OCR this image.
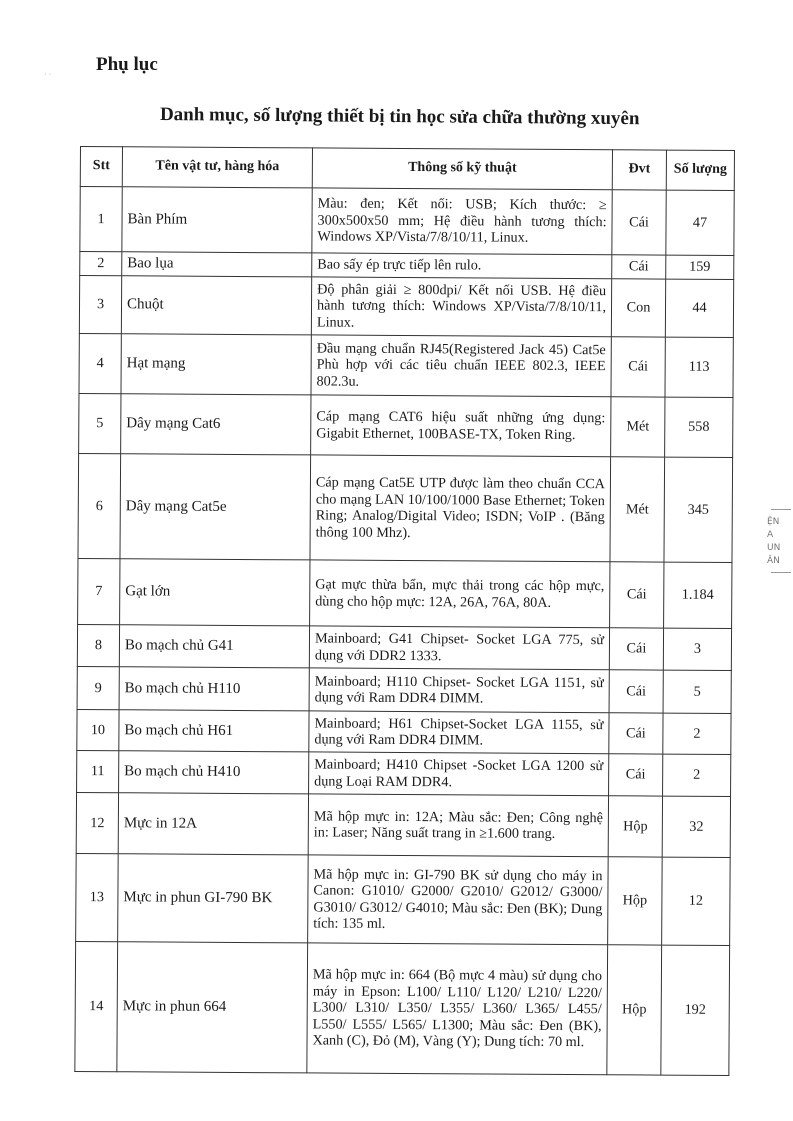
· · Phụ lục
Danh mục, số lượng thiết bị tin học sửa chữa thường xuyên
Stt	Tên vật tư, hàng hóa	Thông số kỹ thuật	Đvt	Số lượng
1	Bàn Phím	Màu: đen; Kết nối: USB; Kích thước: ≥ 300x500x50 mm; Hệ điều hành tương thích: Windows XP/Vista/7/8/10/11, Linux.	Cái	47
2	Bao lụa	Bao sấy ép trực tiếp lên rulo.	Cái	159
3	Chuột	Độ phân giải ≥ 800dpi/ Kết nối USB. Hệ điều hành tương thích: Windows XP/Vista/7/8/10/11, Linux.	Con	44
4	Hạt mạng	Đầu mạng chuẩn RJ45(Registered Jack 45) Cat5e Phù hợp với các tiêu chuẩn IEEE 802.3, IEEE 802.3u.	Cái	113
5	Dây mạng Cat6	Cáp mạng CAT6 hiệu suất những ứng dụng: Gigabit Ethernet, 100BASE-TX, Token Ring.	Mét	558
6	Dây mạng Cat5e	Cáp mạng Cat5E UTP được làm theo chuẩn CCA cho mạng LAN 10/100/1000 Base Ethernet; Token Ring; Analog/Digital Video; ISDN; VoIP . (Băng thông 100 Mhz).	Mét	345
7	Gạt lớn	Gạt mực thừa bẩn, mực thải trong các hộp mực, dùng cho hộp mực: 12A, 26A, 76A, 80A.	Cái	1.184
8	Bo mạch chủ G41	Mainboard; G41 Chipset- Socket LGA 775, sử dụng với DDR2 1333.	Cái	3
9	Bo mạch chủ H110	Mainboard; H110 Chipset- Socket LGA 1151, sử dụng với Ram DDR4 DIMM.	Cái	5
10	Bo mạch chủ H61	Mainboard; H61 Chipset-Socket LGA 1155, sử dụng với Ram DDR4 DIMM.	Cái	2
11	Bo mạch chủ H410	Mainboard; H410 Chipset -Socket LGA 1200 sử dụng Loại RAM DDR4.	Cái	2
12	Mực in 12A	Mã hộp mực in: 12A; Màu sắc: Đen; Công nghệ in: Laser; Năng suất trang in ≥1.600 trang.	Hộp	32
13	Mực in phun GI-790 BK	Mã hộp mực in: GI-790 BK sử dụng cho máy in Canon: G1010/ G2000/ G2010/ G2012/ G3000/ G3010/ G3012/ G4010; Màu sắc: Đen (BK); Dung tích: 135 ml.	Hộp	12
14	Mực in phun 664	Mã hộp mực in: 664 (Bộ mực 4 màu) sử dụng cho máy in Epson: L100/ L110/ L120/ L210/ L220/ L300/ L310/ L350/ L355/ L360/ L365/ L455/ L550/ L555/ L565/ L1300; Màu sắc: Đen (BK), Xanh (C), Đỏ (M), Vàng (Y); Dung tích: 70 ml.	Hộp	192
ỆN
A
UN
ÂN
